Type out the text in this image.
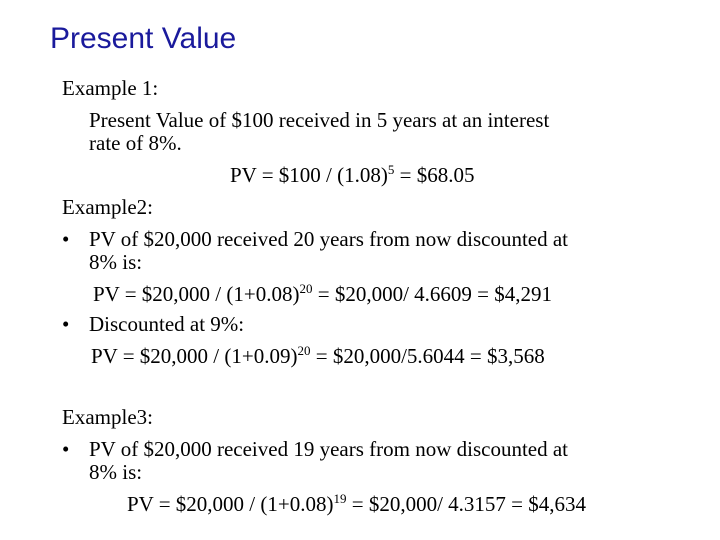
Present Value
Example 1:
Present Value of $100 received in 5 years at an interest
rate of 8%.
PV = $100 / $(1.08)^5$ = $68.05
Example2:
• PV of $20,000 received 20 years from now discounted at
8% is:
PV = $20,000 / $(1+0.08)^{20}$ = $20,000/ 4.6609 = $4,291
• Discounted at 9%:
PV = $20,000 / $(1+0.09)^{20}$ = $20,000/5.6044 = $3,568
Example3:
• PV of $20,000 received 19 years from now discounted at
8% is:
PV = $20,000 / $(1+0.08)^{19}$ = $20,000/ 4.3157 = $4,634
